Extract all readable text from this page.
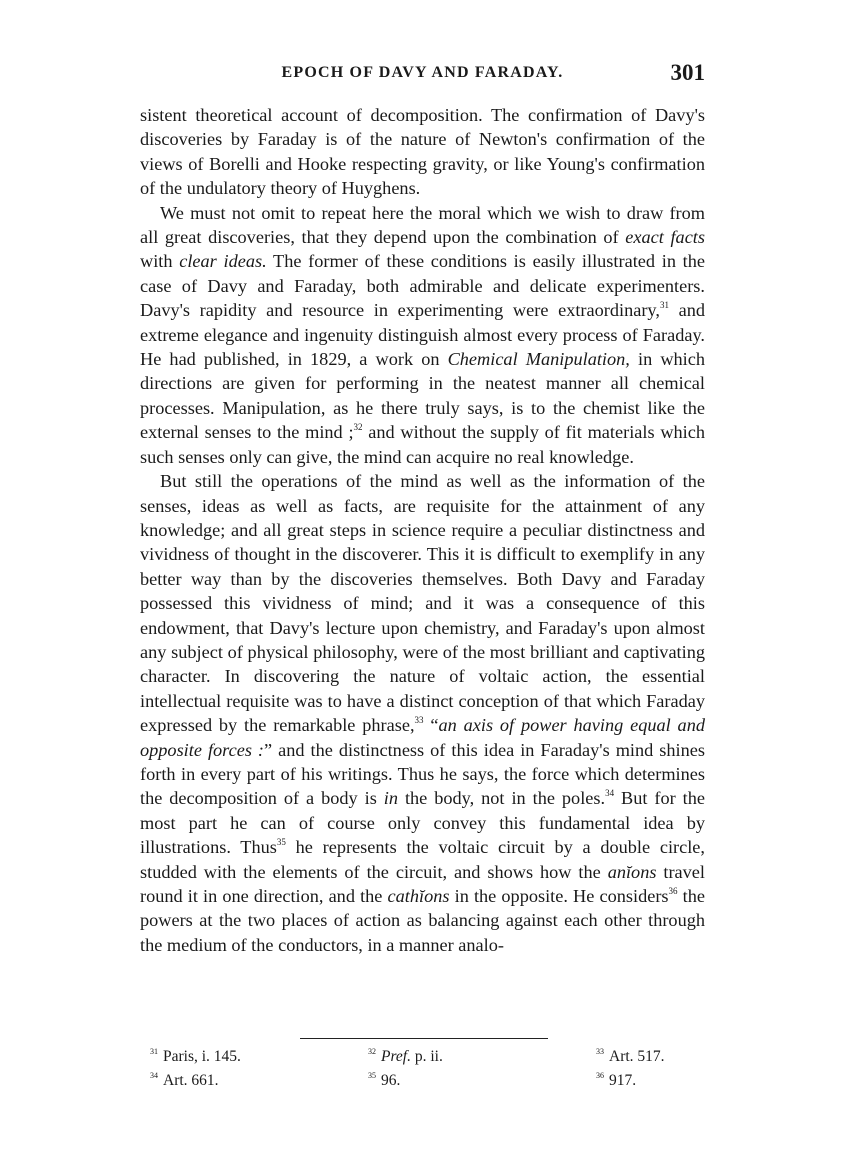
EPOCH OF DAVY AND FARADAY.	301

sistent theoretical account of decomposition. The confirmation of Davy's discoveries by Faraday is of the nature of Newton's confirmation of the views of Borelli and Hooke respecting gravity, or like Young's confirmation of the undulatory theory of Huyghens.

We must not omit to repeat here the moral which we wish to draw from all great discoveries, that they depend upon the combination of exact facts with clear ideas. The former of these conditions is easily illustrated in the case of Davy and Faraday, both admirable and delicate experimenters. Davy's rapidity and resource in experimenting were extraordinary,$^{31}$ and extreme elegance and ingenuity distinguish almost every process of Faraday. He had published, in 1829, a work on Chemical Manipulation, in which directions are given for performing in the neatest manner all chemical processes. Manipulation, as he there truly says, is to the chemist like the external senses to the mind ;$^{32}$ and without the supply of fit materials which such senses only can give, the mind can acquire no real knowledge.

But still the operations of the mind as well as the information of the senses, ideas as well as facts, are requisite for the attainment of any knowledge; and all great steps in science require a peculiar distinctness and vividness of thought in the discoverer. This it is difficult to exemplify in any better way than by the discoveries themselves. Both Davy and Faraday possessed this vividness of mind; and it was a consequence of this endowment, that Davy's lecture upon chemistry, and Faraday's upon almost any subject of physical philosophy, were of the most brilliant and captivating character. In discovering the nature of voltaic action, the essential intellectual requisite was to have a distinct conception of that which Faraday expressed by the remarkable phrase,$^{33}$ “an axis of power having equal and opposite forces :” and the distinctness of this idea in Faraday's mind shines forth in every part of his writings. Thus he says, the force which determines the decomposition of a body is in the body, not in the poles.$^{34}$ But for the most part he can of course only convey this fundamental idea by illustrations. Thus$^{35}$ he represents the voltaic circuit by a double circle, studded with the elements of the circuit, and shows how the anĭons travel round it in one direction, and the cathĭons in the opposite. He considers$^{36}$ the powers at the two places of action as balancing against each other through the medium of the conductors, in a manner analo-

$^{31}$ Paris, i. 145.	$^{32}$ Pref. p. ii.	$^{33}$ Art. 517.
$^{34}$ Art. 661.	$^{35}$ 96.	$^{36}$ 917.
